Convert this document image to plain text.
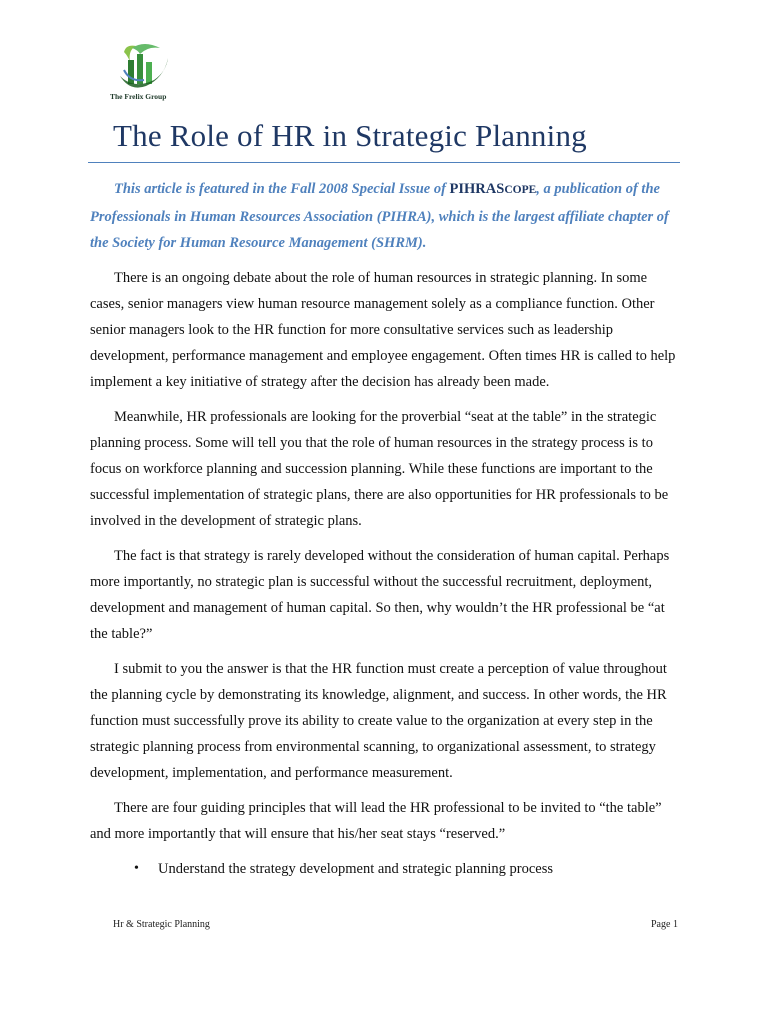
The Frelix Group
The Role of HR in Strategic Planning

This article is featured in the Fall 2008 Special Issue of PIHRASCOPE, a publication of the Professionals in Human Resources Association (PIHRA), which is the largest affiliate chapter of the Society for Human Resource Management (SHRM).

There is an ongoing debate about the role of human resources in strategic planning. In some cases, senior managers view human resource management solely as a compliance function. Other senior managers look to the HR function for more consultative services such as leadership development, performance management and employee engagement. Often times HR is called to help implement a key initiative of strategy after the decision has already been made.

Meanwhile, HR professionals are looking for the proverbial “seat at the table” in the strategic planning process. Some will tell you that the role of human resources in the strategy process is to focus on workforce planning and succession planning. While these functions are important to the successful implementation of strategic plans, there are also opportunities for HR professionals to be involved in the development of strategic plans.

The fact is that strategy is rarely developed without the consideration of human capital. Perhaps more importantly, no strategic plan is successful without the successful recruitment, deployment, development and management of human capital. So then, why wouldn’t the HR professional be “at the table?”

I submit to you the answer is that the HR function must create a perception of value throughout the planning cycle by demonstrating its knowledge, alignment, and success. In other words, the HR function must successfully prove its ability to create value to the organization at every step in the strategic planning process from environmental scanning, to organizational assessment, to strategy development, implementation, and performance measurement.

There are four guiding principles that will lead the HR professional to be invited to “the table” and more importantly that will ensure that his/her seat stays “reserved.”

• Understand the strategy development and strategic planning process
Hr & Strategic Planning	Page 1
